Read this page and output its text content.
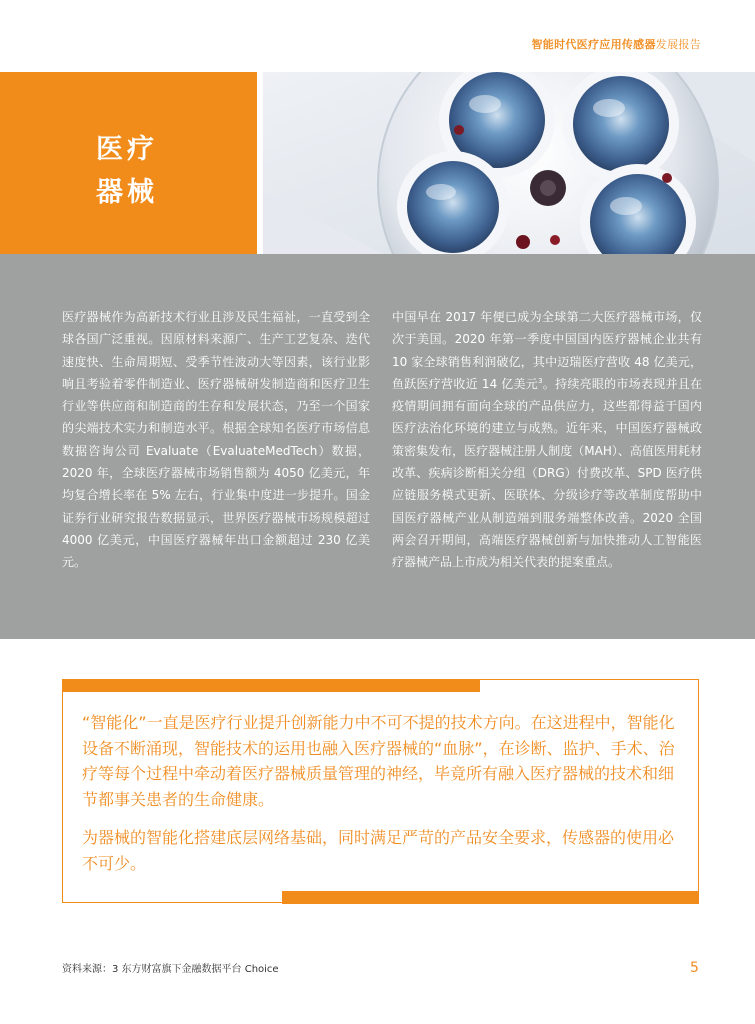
智能时代医疗应用传感器发展报告
医疗
器械
医疗器械作为高新技术行业且涉及民生福祉，一直受到全球各国广泛重视。因原材料来源广、生产工艺复杂、迭代速度快、生命周期短、受季节性波动大等因素，该行业影响且考验着零件制造业、医疗器械研发制造商和医疗卫生行业等供应商和制造商的生存和发展状态，乃至一个国家的尖端技术实力和制造水平。根据全球知名医疗市场信息数据咨询公司 Evaluate（EvaluateMedTech）数据，2020 年，全球医疗器械市场销售额为 4050 亿美元，年均复合增长率在 5% 左右，行业集中度进一步提升。国金证券行业研究报告数据显示，世界医疗器械市场规模超过 4000 亿美元，中国医疗器械年出口金额超过 230 亿美元。
中国早在 2017 年便已成为全球第二大医疗器械市场，仅次于美国。2020 年第一季度中国国内医疗器械企业共有 10 家全球销售利润破亿，其中迈瑞医疗营收 48 亿美元，鱼跃医疗营收近 14 亿美元$^3$。持续亮眼的市场表现并且在疫情期间拥有面向全球的产品供应力，这些都得益于国内医疗法治化环境的建立与成熟。近年来，中国医疗器械政策密集发布，医疗器械注册人制度（MAH）、高值医用耗材改革、疾病诊断相关分组（DRG）付费改革、SPD 医疗供应链服务模式更新、医联体、分级诊疗等改革制度帮助中国医疗器械产业从制造端到服务端整体改善。2020 全国两会召开期间，高端医疗器械创新与加快推动人工智能医疗器械产品上市成为相关代表的提案重点。
“智能化”一直是医疗行业提升创新能力中不可不提的技术方向。在这进程中，智能化设备不断涌现，智能技术的运用也融入医疗器械的“血脉”，在诊断、监护、手术、治疗等每个过程中牵动着医疗器械质量管理的神经，毕竟所有融入医疗器械的技术和细节都事关患者的生命健康。
为器械的智能化搭建底层网络基础，同时满足严苛的产品安全要求，传感器的使用必不可少。
资料来源：3 东方财富旗下金融数据平台 Choice	5
